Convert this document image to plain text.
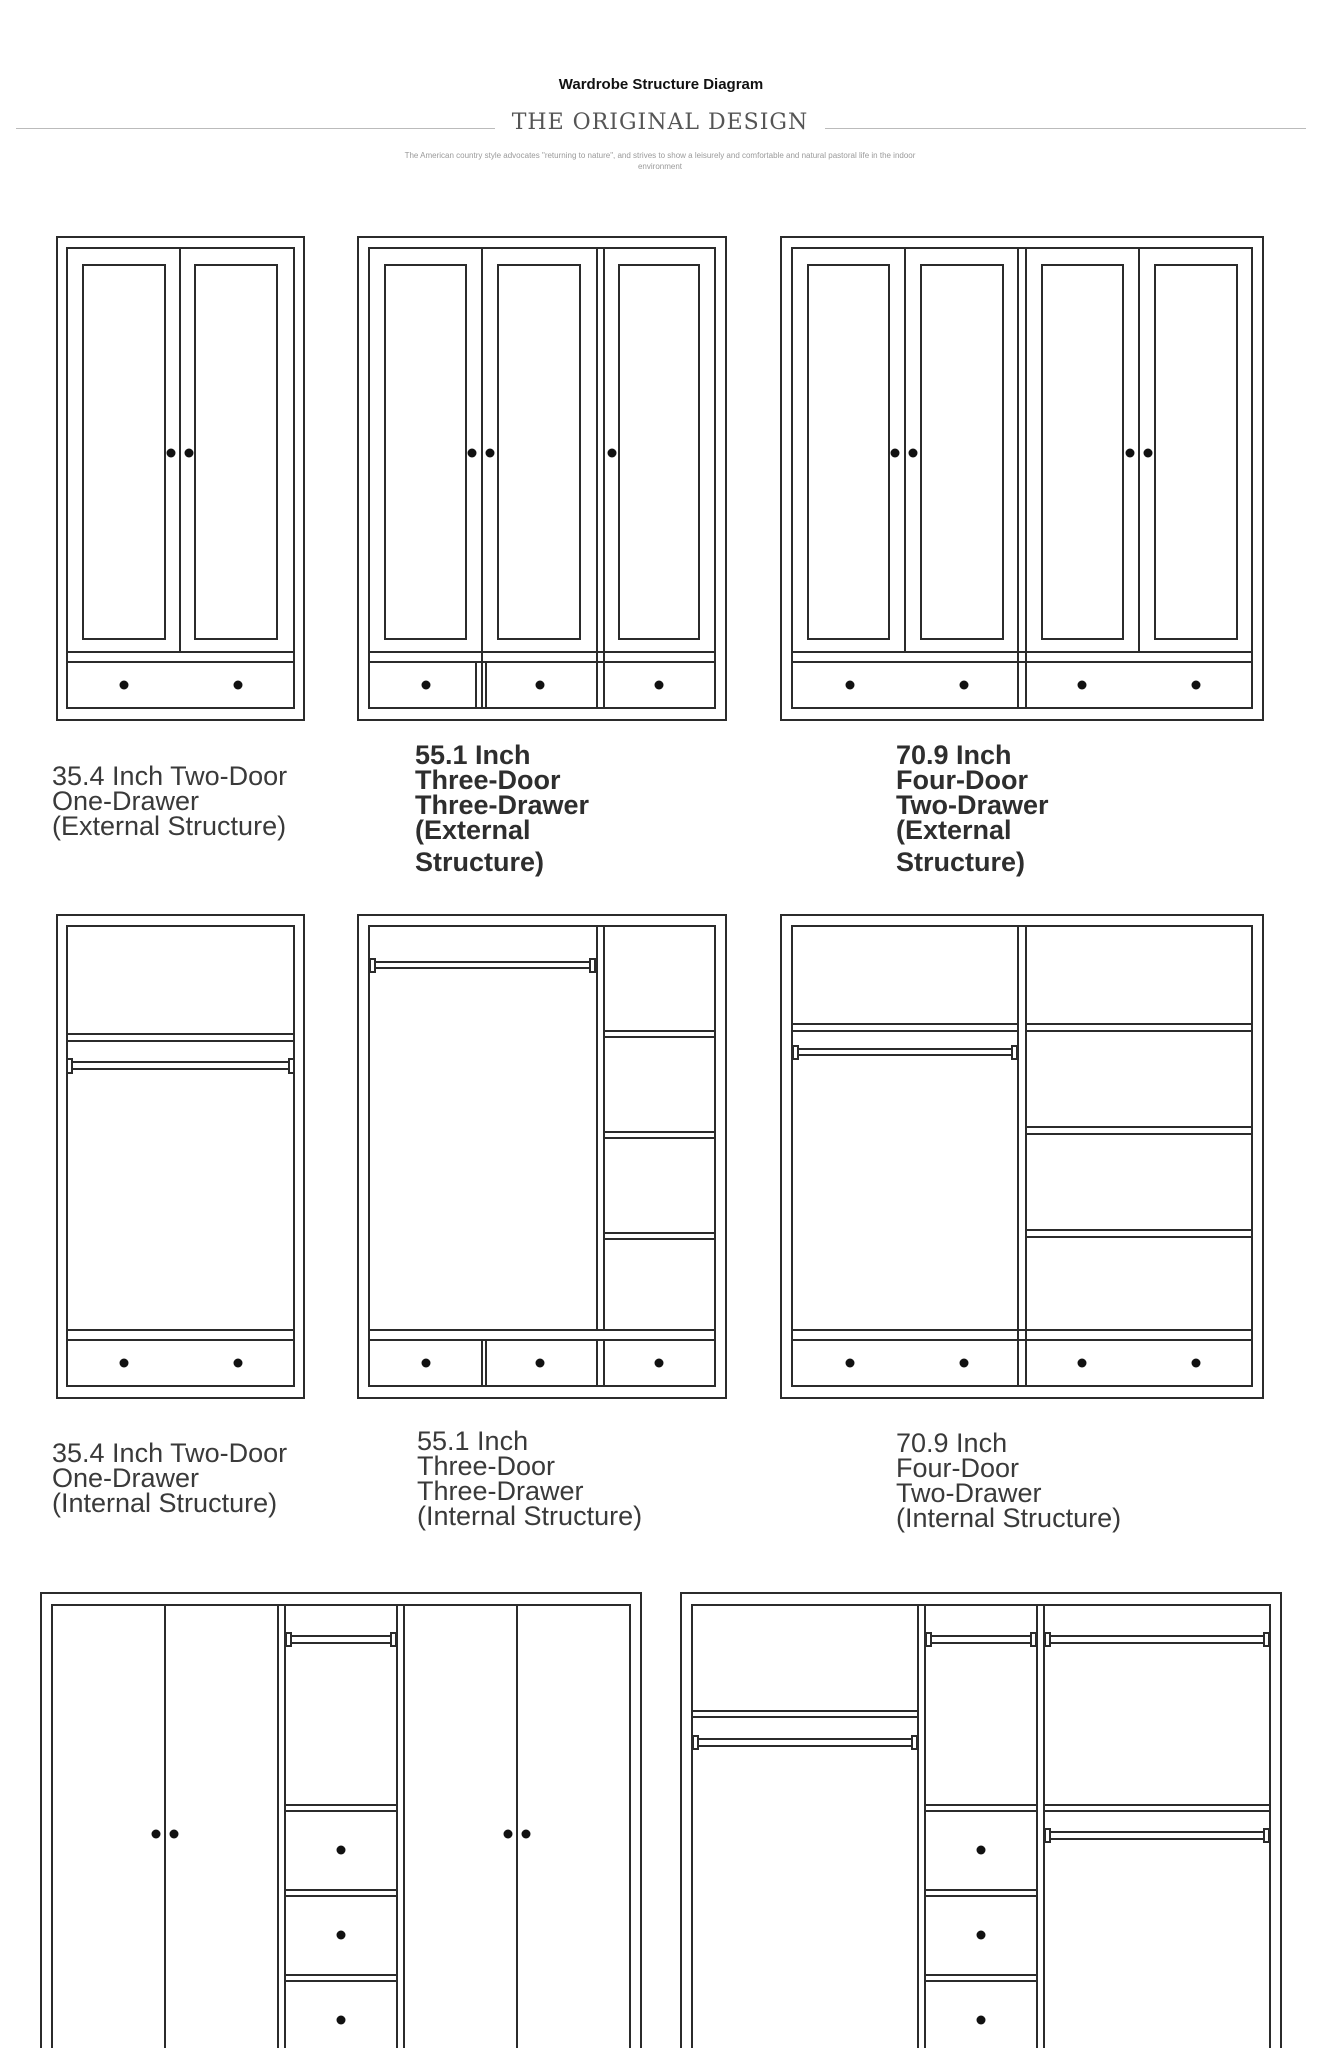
Wardrobe Structure Diagram
THE ORIGINAL DESIGN
The American country style advocates "returning to nature", and strives to show a leisurely and comfortable and natural pastoral life in the indoor environment
35.4 Inch Two-Door
One-Drawer
(External Structure)
55.1 Inch
Three-Door
Three-Drawer
(External
Structure)
70.9 Inch
Four-Door
Two-Drawer
(External
Structure)
35.4 Inch Two-Door
One-Drawer
(Internal Structure)
55.1 Inch
Three-Door
Three-Drawer
(Internal Structure)
70.9 Inch
Four-Door
Two-Drawer
(Internal Structure)
